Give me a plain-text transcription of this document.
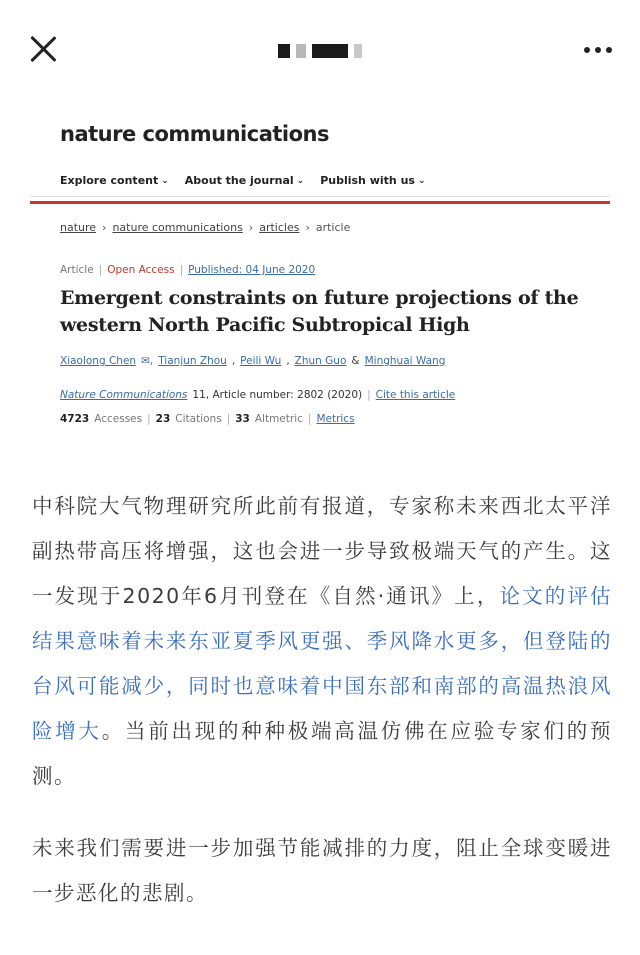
nature communications
Explore content ⌄ About the journal ⌄ Publish with us ⌄
nature › nature communications › articles › article
Article | Open Access | Published: 04 June 2020
Emergent constraints on future projections of the western North Pacific Subtropical High
Xiaolong Chen ✉, Tianjun Zhou , Peili Wu , Zhun Guo & Minghuai Wang
Nature Communications 11, Article number: 2802 (2020) | Cite this article
4723 Accesses | 23 Citations | 33 Altmetric | Metrics

中科院大气物理研究所此前有报道，专家称未来西北太平洋副热带高压将增强，这也会进一步导致极端天气的产生。这一发现于2020年6月刊登在《自然·通讯》上，论文的评估结果意味着未来东亚夏季风更强、季风降水更多，但登陆的台风可能减少，同时也意味着中国东部和南部的高温热浪风险增大。当前出现的种种极端高温仿佛在应验专家们的预测。

未来我们需要进一步加强节能减排的力度，阻止全球变暖进一步恶化的悲剧。
